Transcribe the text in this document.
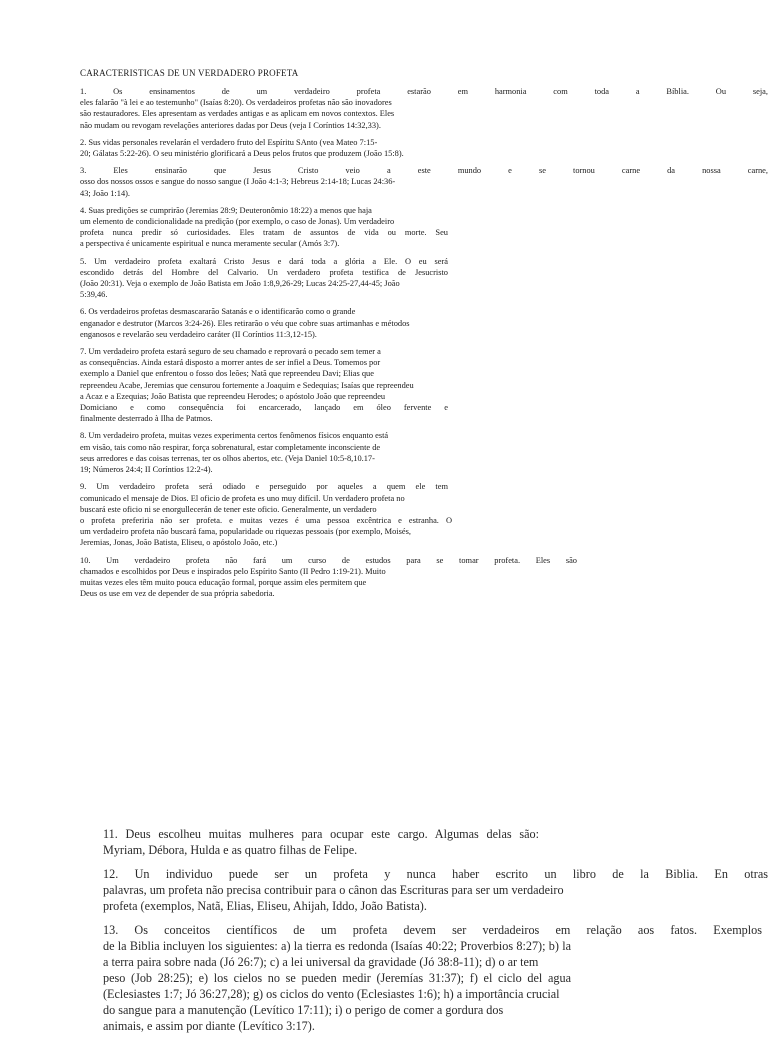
CARACTERISTICAS DE UN VERDADERO PROFETA
1. Os ensinamentos de um verdadeiro profeta estarão em harmonia com toda a Bíblia. Ou seja,
eles falarão "à lei e ao testemunho" (Isaías 8:20). Os verdadeiros profetas não são inovadores
são restauradores. Eles apresentam as verdades antigas e as aplicam em novos contextos. Eles
não mudam ou revogam revelações anteriores dadas por Deus (veja I Coríntios 14:32,33).
2. Sus vidas personales revelarán el verdadero fruto del Espíritu SAnto (vea Mateo 7:15-
20; Gálatas 5:22-26). O seu ministério glorificará a Deus pelos frutos que produzem (João 15:8).
3. Eles ensinarão que Jesus Cristo veio a este mundo e se tornou carne da nossa carne,
osso dos nossos ossos e sangue do nosso sangue (I João 4:1-3; Hebreus 2:14-18; Lucas 24:36-
43; João 1:14).
4. Suas predições se cumprirão (Jeremias 28:9; Deuteronômio 18:22) a menos que haja
um elemento de condicionalidade na predição (por exemplo, o caso de Jonas). Um verdadeiro
profeta nunca predir só curiosidades. Eles tratam de assuntos de vida ou morte. Seu
a perspectiva é unicamente espiritual e nunca meramente secular (Amós 3:7).
5. Um verdadeiro profeta exaltará Cristo Jesus e dará toda a glória a Ele. O eu será
escondido detrás del Hombre del Calvario. Un verdadero profeta testifica de Jesucristo
(João 20:31). Veja o exemplo de João Batista em João 1:8,9,26-29; Lucas 24:25-27,44-45; João
5:39,46.
6. Os verdadeiros profetas desmascararão Satanás e o identificarão como o grande
enganador e destrutor (Marcos 3:24-26). Eles retirarão o véu que cobre suas artimanhas e métodos
enganosos e revelarão seu verdadeiro caráter (II Coríntios 11:3,12-15).
7. Um verdadeiro profeta estará seguro de seu chamado e reprovará o pecado sem temer a
as consequências. Ainda estará disposto a morrer antes de ser infiel a Deus. Tomemos por
exemplo a Daniel que enfrentou o fosso dos leões; Natã que repreendeu Davi; Elias que
repreendeu Acabe, Jeremias que censurou fortemente a Joaquim e Sedequias; Isaías que repreendeu
a Acaz e a Ezequias; João Batista que repreendeu Herodes; o apóstolo João que repreendeu
Domiciano e como consequência foi encarcerado, lançado em óleo fervente e
finalmente desterrado à Ilha de Patmos.
8. Um verdadeiro profeta, muitas vezes experimenta certos fenômenos físicos enquanto está
em visão, tais como não respirar, força sobrenatural, estar completamente inconsciente de
seus arredores e das coisas terrenas, ter os olhos abertos, etc. (Veja Daniel 10:5-8,10.17-
19; Números 24:4; II Coríntios 12:2-4).
9. Um verdadeiro profeta será odiado e perseguido por aqueles a quem ele tem
comunicado el mensaje de Dios. El oficio de profeta es uno muy difícil. Un verdadero profeta no
buscará este oficio ni se enorgullecerán de tener este oficio. Generalmente, un verdadero
o profeta preferiria não ser profeta. e muitas vezes é uma pessoa excêntrica e estranha. O
um verdadeiro profeta não buscará fama, popularidade ou riquezas pessoais (por exemplo, Moisés,
Jeremias, Jonas, João Batista, Eliseu, o apóstolo João, etc.)
10. Um verdadeiro profeta não fará um curso de estudos para se tomar profeta. Eles são
chamados e escolhidos por Deus e inspirados pelo Espírito Santo (II Pedro 1:19-21). Muito
muitas vezes eles têm muito pouca educação formal, porque assim eles permitem que
Deus os use em vez de depender de sua própria sabedoria.
11. Deus escolheu muitas mulheres para ocupar este cargo. Algumas delas são:
Myriam, Débora, Hulda e as quatro filhas de Felipe.
12. Un individuo puede ser un profeta y nunca haber escrito un libro de la Biblia. En otras
palavras, um profeta não precisa contribuir para o cânon das Escrituras para ser um verdadeiro
profeta (exemplos, Natã, Elias, Eliseu, Ahijah, Iddo, João Batista).
13. Os conceitos científicos de um profeta devem ser verdadeiros em relação aos fatos. Exemplos
de la Biblia incluyen los siguientes: a) la tierra es redonda (Isaías 40:22; Proverbios 8:27); b) la
a terra paira sobre nada (Jó 26:7); c) a lei universal da gravidade (Jó 38:8-11); d) o ar tem
peso (Job 28:25); e) los cielos no se pueden medir (Jeremías 31:37); f) el ciclo del agua
(Eclesiastes 1:7; Jó 36:27,28); g) os ciclos do vento (Eclesiastes 1:6); h) a importância crucial
do sangue para a manutenção (Levítico 17:11); i) o perigo de comer a gordura dos
animais, e assim por diante (Levítico 3:17).
